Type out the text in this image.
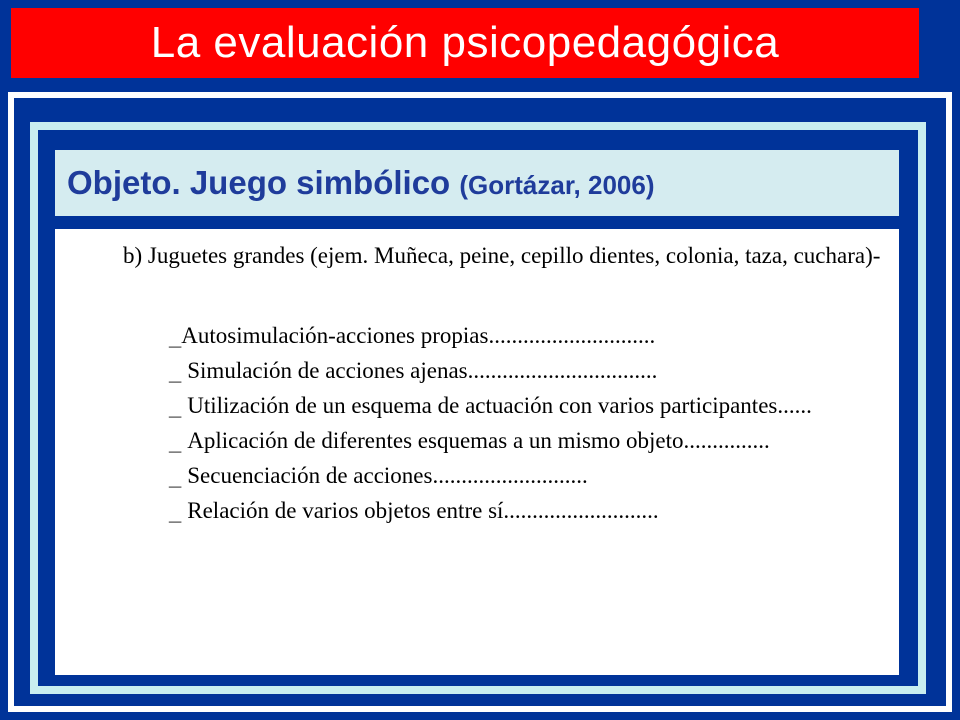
La evaluación psicopedagógica
Objeto. Juego simbólico (Gortázar, 2006)
b) Juguetes grandes (ejem. Muñeca, peine, cepillo dientes, colonia, taza, cuchara)-
_Autosimulación-acciones propias.............................
_ Simulación de acciones ajenas.................................
_ Utilización de un esquema de actuación con varios participantes......
_ Aplicación de diferentes esquemas a un mismo objeto...............
_ Secuenciación de acciones...........................
_ Relación de varios objetos entre sí...........................
